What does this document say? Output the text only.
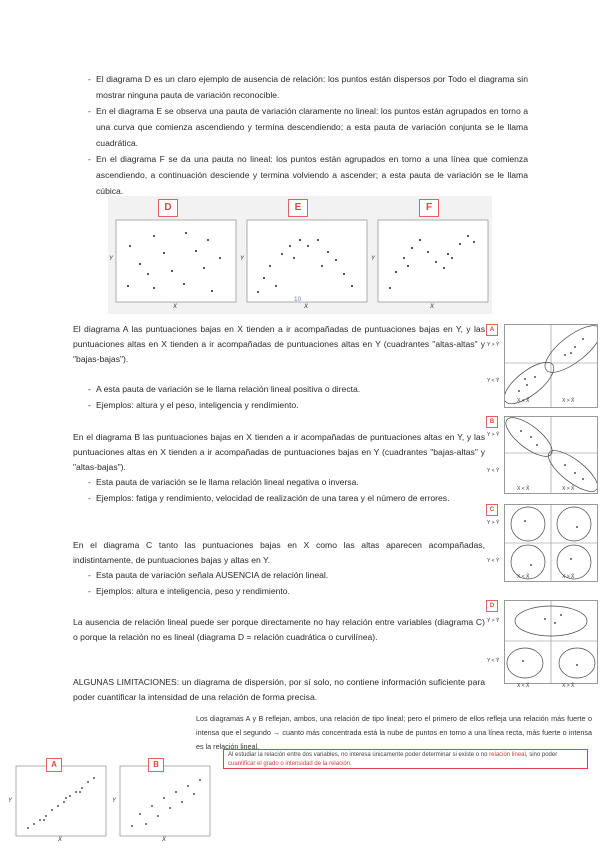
- El diagrama D es un claro ejemplo de ausencia de relación: los puntos están dispersos por Todo el diagrama sin mostrar ninguna pauta de variación reconocible.
- En el diagrama E se observa una pauta de variación claramente no lineal: los puntos están agrupados en torno a una curva que comienza ascendiendo y termina descendiendo; a esta pauta de variación conjunta se le llama cuadrática.
- En el diagrama F se da una pauta no lineal: los puntos están agrupados en torno a una línea que comienza ascendiendo, a continuación desciende y termina volviendo a ascender; a esta pauta de variación se le llama cúbica.
D	E	F
Y	Y	Y
X	X	X
10
El diagrama A las puntuaciones bajas en X tienden a ir acompañadas de puntuaciones bajas en Y, y las puntuaciones altas en X tienden a ir acompañadas de puntuaciones altas en Y (cuadrantes "altas-altas" y "bajas-bajas").
- A esta pauta de variación se le llama relación lineal positiva o directa.
- Ejemplos: altura y el peso, inteligencia y rendimiento.
En el diagrama B las puntuaciones bajas en X tienden a ir acompañadas de puntuaciones altas en Y, y las puntuaciones altas en X tienden a ir acompañadas de puntuaciones bajas en Y (cuadrantes "bajas-altas" y "altas-bajas").
- Esta pauta de variación se le llama relación lineal negativa o inversa.
- Ejemplos: fatiga y rendimiento, velocidad de realización de una tarea y el número de errores.
En el diagrama C tanto las puntuaciones bajas en X como las altas aparecen acompañadas, indistintamente, de puntuaciones bajas y altas en Y.
- Esta pauta de variación señala AUSENCIA de relación lineal.
- Ejemplos: altura e inteligencia, peso y rendimiento.
La ausencia de relación lineal puede ser porque directamente no hay relación entre variables (diagrama C) o porque la relación no es lineal (diagrama D = relación cuadrática o curvilínea).
ALGUNAS LIMITACIONES: un diagrama de dispersión, por sí solo, no contiene información suficiente para poder cuantificar la intensidad de una relación de forma precisa.
A
Y > Ȳ
Y < Ȳ
X < X̄	X > X̄
B
Y > Ȳ
Y < Ȳ
X < X̄	X > X̄
C
Y > Ȳ
Y < Ȳ
X < X̄	X > X̄
D
Y > Ȳ
Y < Ȳ
X < X̄	X > X̄
Los diagramas A y B reflejan, ambos, una relación de tipo lineal; pero el primero de ellos refleja una relación más fuerte o intensa que el segundo → cuanto más concentrada está la nube de puntos en torno a una línea recta, más fuerte o intensa es la relación lineal.
A	B
Y	Y
X	X
Al estudiar la relación entre dos variables, no interesa únicamente poder determinar si existe o no relación lineal, sino poder cuantificar el grado o intensidad de la relación.
